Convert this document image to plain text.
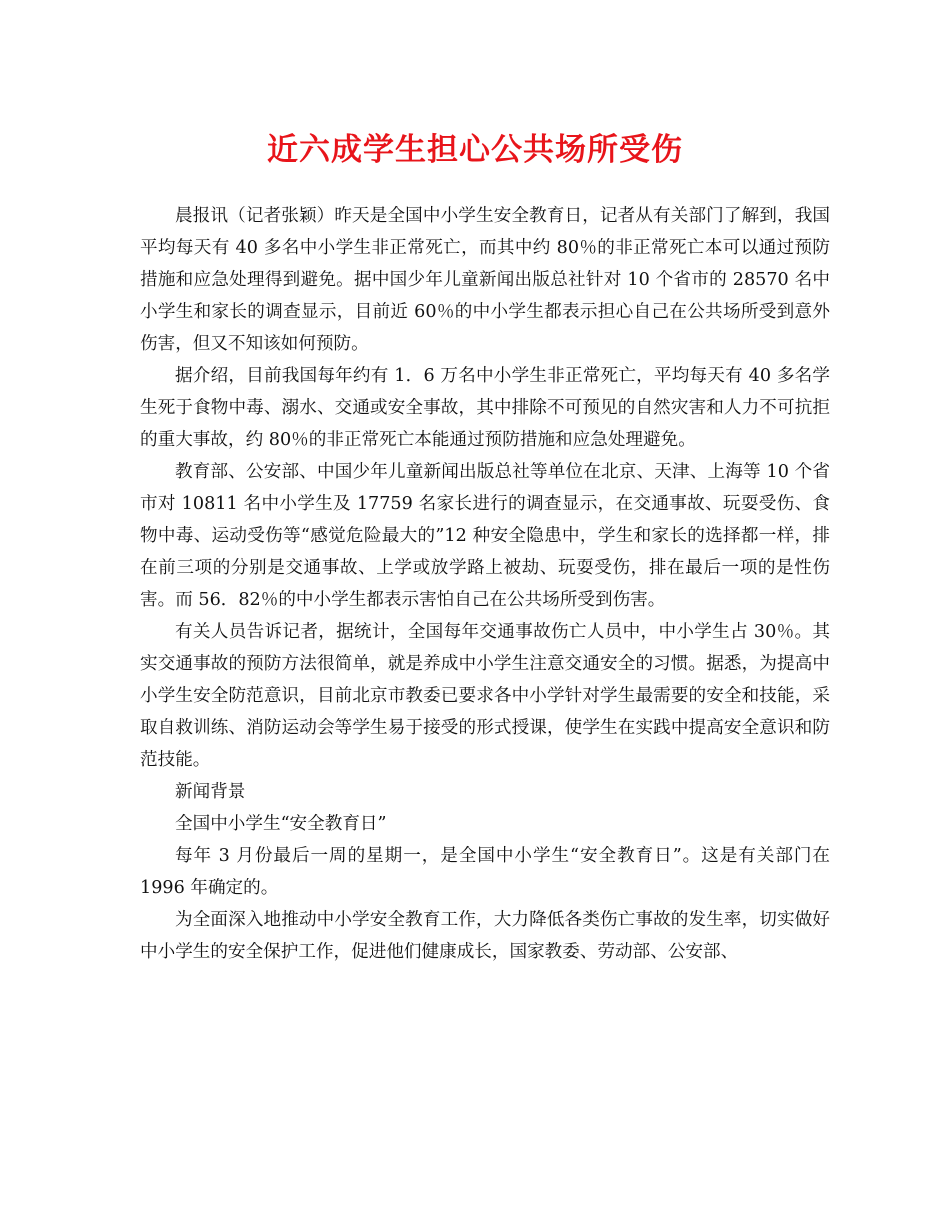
近六成学生担心公共场所受伤

晨报讯（记者张颖）昨天是全国中小学生安全教育日，记者从有关部门了解到，我国平均每天有 40 多名中小学生非正常死亡，而其中约 80％的非正常死亡本可以通过预防措施和应急处理得到避免。据中国少年儿童新闻出版总社针对 10 个省市的 28570 名中小学生和家长的调查显示，目前近 60％的中小学生都表示担心自己在公共场所受到意外伤害，但又不知该如何预防。

据介绍，目前我国每年约有 1．6 万名中小学生非正常死亡，平均每天有 40 多名学生死于食物中毒、溺水、交通或安全事故，其中排除不可预见的自然灾害和人力不可抗拒的重大事故，约 80％的非正常死亡本能通过预防措施和应急处理避免。

教育部、公安部、中国少年儿童新闻出版总社等单位在北京、天津、上海等 10 个省市对 10811 名中小学生及 17759 名家长进行的调查显示，在交通事故、玩耍受伤、食物中毒、运动受伤等“感觉危险最大的”12 种安全隐患中，学生和家长的选择都一样，排在前三项的分别是交通事故、上学或放学路上被劫、玩耍受伤，排在最后一项的是性伤害。而 56．82％的中小学生都表示害怕自己在公共场所受到伤害。

有关人员告诉记者，据统计，全国每年交通事故伤亡人员中，中小学生占 30％。其实交通事故的预防方法很简单，就是养成中小学生注意交通安全的习惯。据悉，为提高中小学生安全防范意识，目前北京市教委已要求各中小学针对学生最需要的安全和技能，采取自救训练、消防运动会等学生易于接受的形式授课，使学生在实践中提高安全意识和防范技能。

新闻背景

全国中小学生“安全教育日”

每年 3 月份最后一周的星期一，是全国中小学生“安全教育日”。这是有关部门在 1996 年确定的。

为全面深入地推动中小学安全教育工作，大力降低各类伤亡事故的发生率，切实做好中小学生的安全保护工作，促进他们健康成长，国家教委、劳动部、公安部、
